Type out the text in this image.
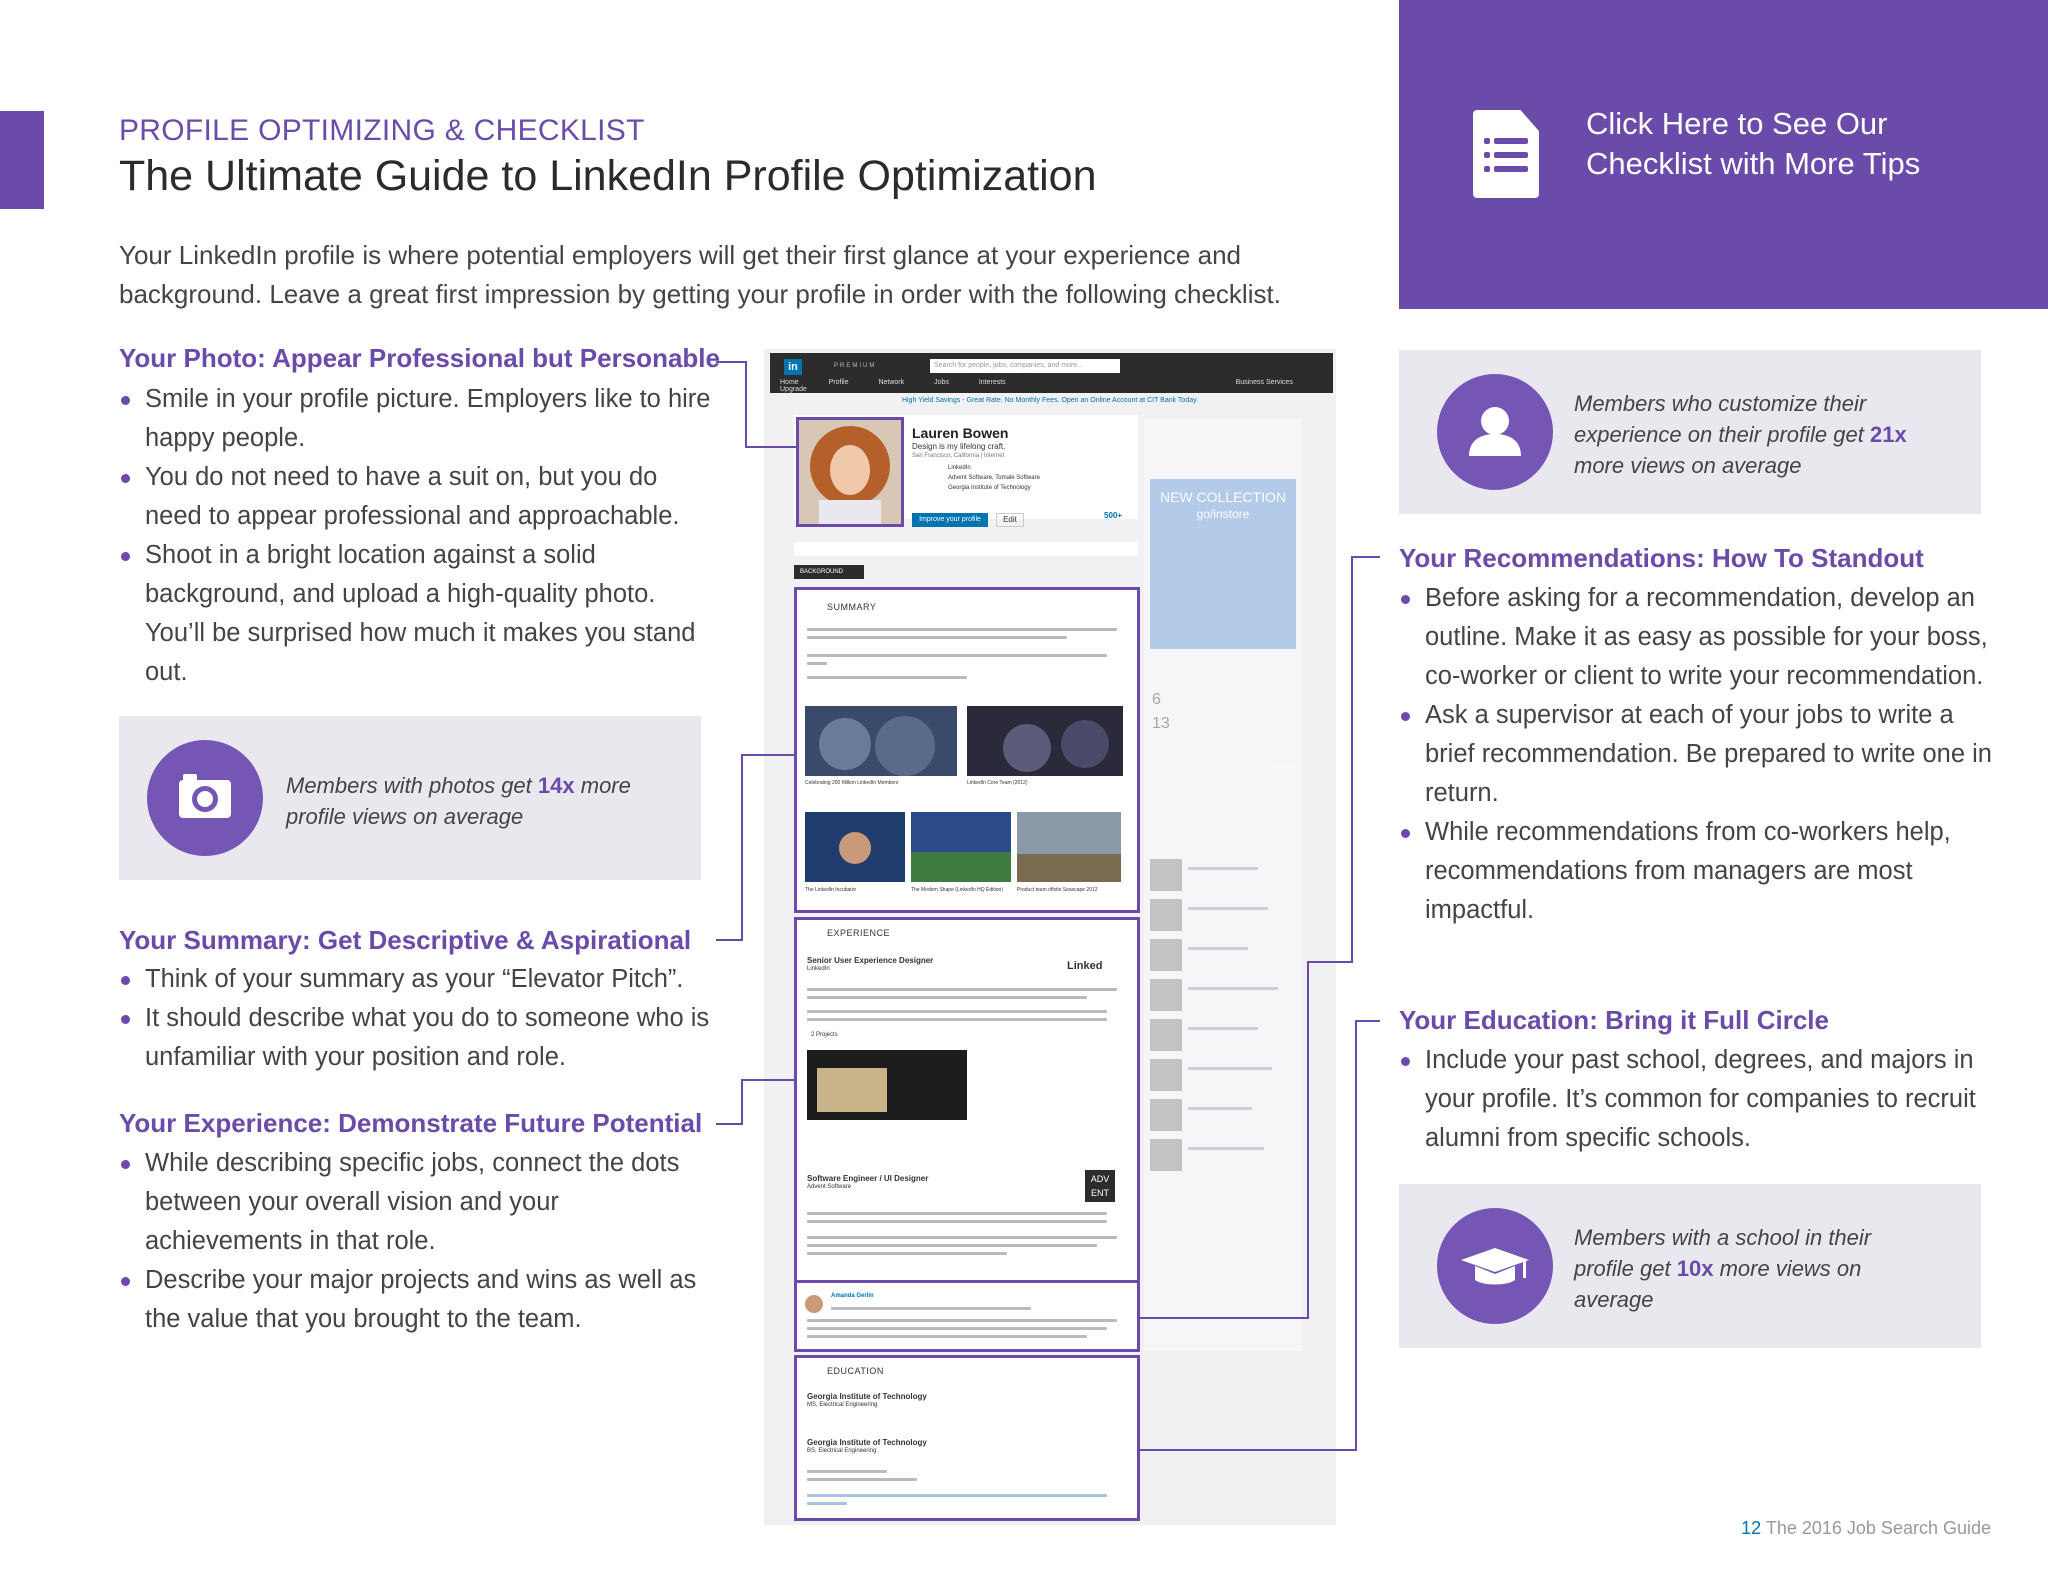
PROFILE OPTIMIZING & CHECKLIST
The Ultimate Guide to LinkedIn Profile Optimization

Your LinkedIn profile is where potential employers will get their first glance at your experience and background. Leave a great first impression by getting your profile in order with the following checklist.

Click Here to See Our
Checklist with More Tips
Your Photo: Appear Professional but Personable
Smile in your profile picture. Employers like to hire happy people.
You do not need to have a suit on, but you do need to appear professional and approachable.
Shoot in a bright location against a solid background, and upload a high-quality photo. You’ll be surprised how much it makes you stand out.
Members with photos get 14x more profile views on average
Your Summary: Get Descriptive & Aspirational
Think of your summary as your “Elevator Pitch”.
It should describe what you do to someone who is unfamiliar with your position and role.
Your Experience: Demonstrate Future Potential
While describing specific jobs, connect the dots between your overall vision and your achievements in that role.
Describe your major projects and wins as well as the value that you brought to the team.
Members who customize their experience on their profile get 21x more views on average
Your Recommendations: How To Standout
Before asking for a recommendation, develop an outline. Make it as easy as possible for your boss, co-worker or client to write your recommendation.
Ask a supervisor at each of your jobs to write a brief recommendation. Be prepared to write one in return.
While recommendations from co-workers help, recommendations from managers are most impactful.
Your Education: Bring it Full Circle
Include your past school, degrees, and majors in your profile. It’s common for companies to recruit alumni from specific schools.
Members with a school in their profile get 10x more views on average
in	PREMIUM	Search for people, jobs, companies, and more...
Home	Profile	Network	Jobs	Interests	Business Services Upgrade
High Yield Savings - Great Rate. No Monthly Fees. Open an Online Account at CIT Bank Today.
NEW COLLECTION
go/instore
6
13
Lauren Bowen
Design is my lifelong craft.
San Francisco, California | Internet
LinkedIn
Advent Software, Tomale Software
Georgia Institute of Technology
Improve your profile	Edit	500+
BACKGROUND
SUMMARY
Celebrating 200 Million LinkedIn Members	LinkedIn Core Team (2012)
The LinkedIn Incubator	The Modern Shape (LinkedIn HQ Edition)	Product team offsite Seascape 2012
EXPERIENCE
Senior User Experience Designer
LinkedIn	Linked
2 Projects
Software Engineer / UI Designer
Advent Software
ADV
ENT
Amanda Gerlin
EDUCATION
Georgia Institute of Technology
MS, Electrical Engineering
Georgia Institute of Technology
BS, Electrical Engineering
12 The 2016 Job Search Guide
